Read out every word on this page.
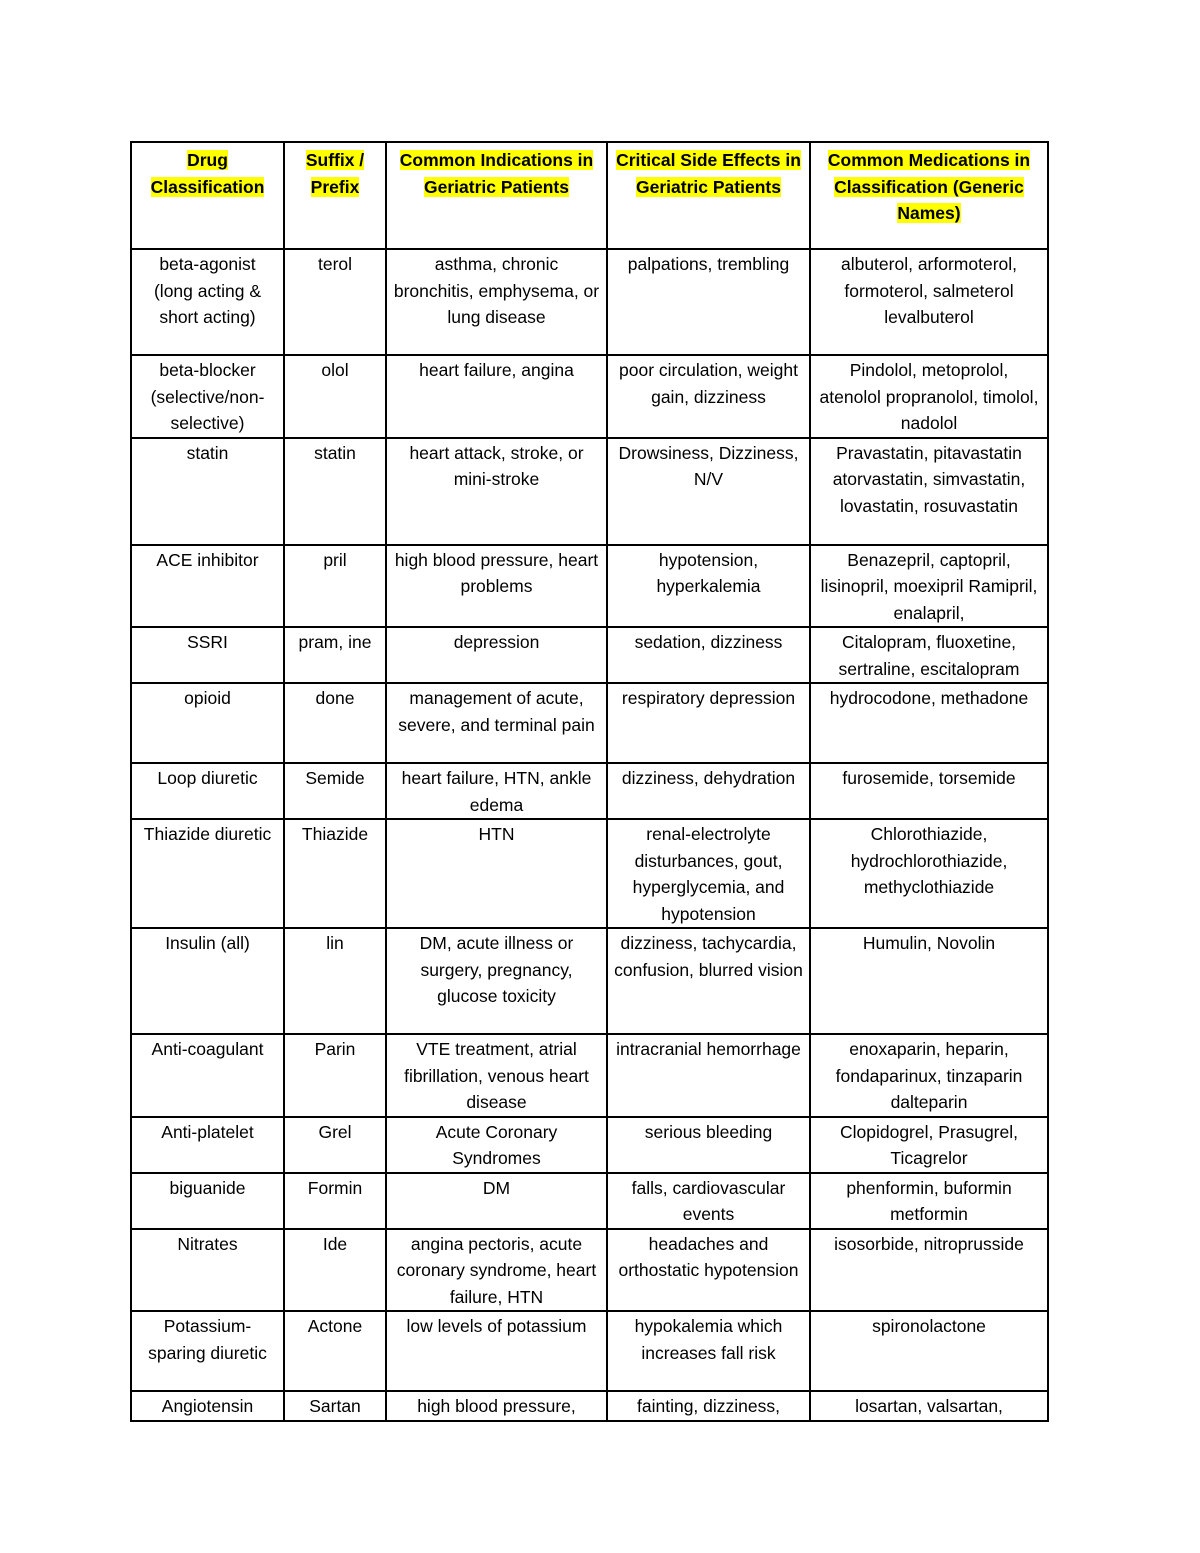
Drug Classification	Suffix / Prefix	Common Indications in Geriatric Patients	Critical Side Effects in Geriatric Patients	Common Medications in Classification (Generic Names)
beta-agonist (long acting & short acting)	terol	asthma, chronic bronchitis, emphysema, or lung disease	palpations, trembling	albuterol, arformoterol, formoterol, salmeterol levalbuterol
beta-blocker (selective/non-selective)	olol	heart failure, angina	poor circulation, weight gain, dizziness	Pindolol, metoprolol, atenolol propranolol, timolol, nadolol
statin	statin	heart attack, stroke, or mini-stroke	Drowsiness, Dizziness, N/V	Pravastatin, pitavastatin atorvastatin, simvastatin, lovastatin, rosuvastatin
ACE inhibitor	pril	high blood pressure, heart problems	hypotension, hyperkalemia	Benazepril, captopril, lisinopril, moexipril Ramipril, enalapril,
SSRI	pram, ine	depression	sedation, dizziness	Citalopram, fluoxetine, sertraline, escitalopram
opioid	done	management of acute, severe, and terminal pain	respiratory depression	hydrocodone, methadone
Loop diuretic	Semide	heart failure, HTN, ankle edema	dizziness, dehydration	furosemide, torsemide
Thiazide diuretic	Thiazide	HTN	renal-electrolyte disturbances, gout, hyperglycemia, and hypotension	Chlorothiazide, hydrochlorothiazide, methyclothiazide
Insulin (all)	lin	DM, acute illness or surgery, pregnancy, glucose toxicity	dizziness, tachycardia, confusion, blurred vision	Humulin, Novolin
Anti-coagulant	Parin	VTE treatment, atrial fibrillation, venous heart disease	intracranial hemorrhage	enoxaparin, heparin, fondaparinux, tinzaparin dalteparin
Anti-platelet	Grel	Acute Coronary Syndromes	serious bleeding	Clopidogrel, Prasugrel, Ticagrelor
biguanide	Formin	DM	falls, cardiovascular events	phenformin, buformin metformin
Nitrates	Ide	angina pectoris, acute coronary syndrome, heart failure, HTN	headaches and orthostatic hypotension	isosorbide, nitroprusside
Potassium-sparing diuretic	Actone	low levels of potassium	hypokalemia which increases fall risk	spironolactone
Angiotensin	Sartan	high blood pressure,	fainting, dizziness,	losartan, valsartan,
